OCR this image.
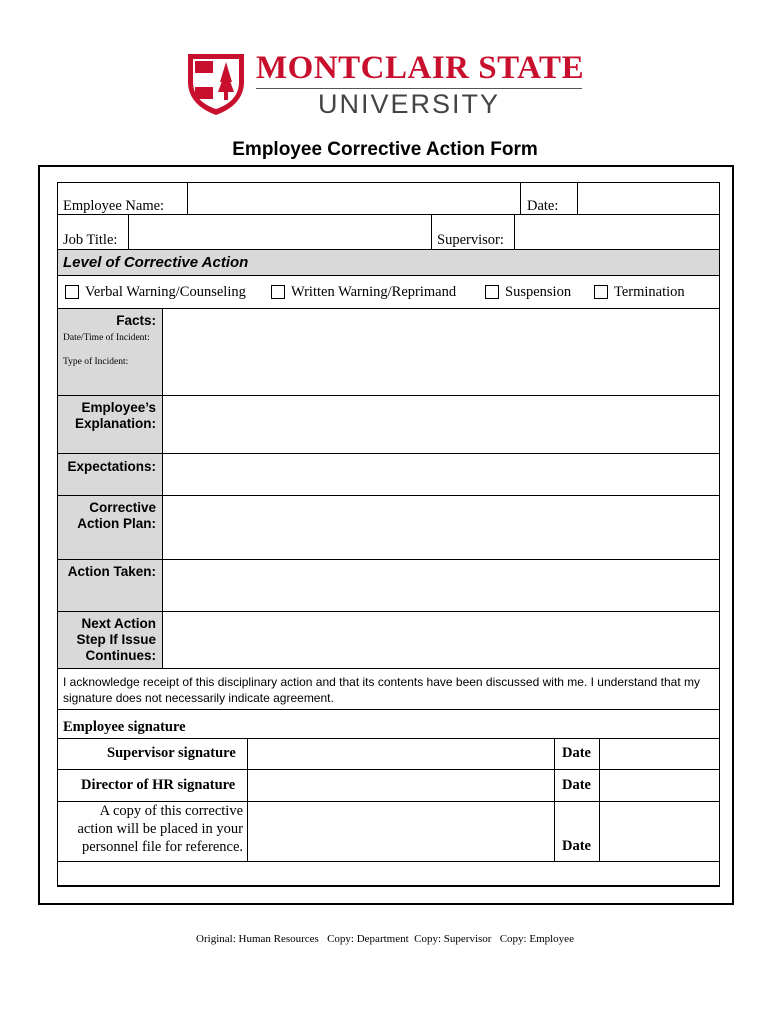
MONTCLAIR STATE
UNIVERSITY
Employee Corrective Action Form
Employee Name:	Date:
Job Title:	Supervisor:
Level of Corrective Action
Verbal Warning/Counseling	Written Warning/Reprimand	Suspension	Termination
Facts:
Date/Time of Incident:
Type of Incident:
Employee’s Explanation:
Expectations:
Corrective Action Plan:
Action Taken:
Next Action Step If Issue Continues:
I acknowledge receipt of this disciplinary action and that its contents have been discussed with me. I understand that my signature does not necessarily indicate agreement.
Employee signature
Supervisor signature	Date
Director of HR signature	Date
A copy of this corrective action will be placed in your personnel file for reference.	Date
Original: Human Resources   Copy: Department  Copy: Supervisor   Copy: Employee
